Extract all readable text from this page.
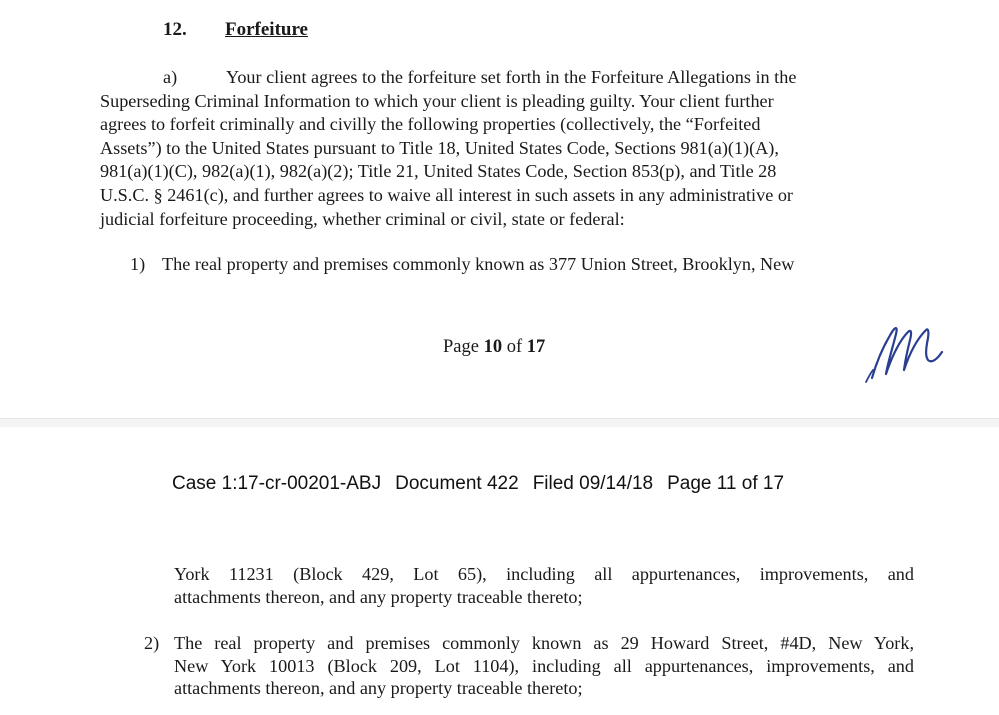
12. Forfeiture
a)	Your client agrees to the forfeiture set forth in the Forfeiture Allegations in the
Superseding Criminal Information to which your client is pleading guilty. Your client further
agrees to forfeit criminally and civilly the following properties (collectively, the “Forfeited
Assets”) to the United States pursuant to Title 18, United States Code, Sections 981(a)(1)(A),
981(a)(1)(C), 982(a)(1), 982(a)(2); Title 21, United States Code, Section 853(p), and Title 28
U.S.C. § 2461(c), and further agrees to waive all interest in such assets in any administrative or
judicial forfeiture proceeding, whether criminal or civil, state or federal:
1) The real property and premises commonly known as 377 Union Street, Brooklyn, New
Page 10 of 17
Case 1:17-cr-00201-ABJ Document 422 Filed 09/14/18 Page 11 of 17
York 11231 (Block 429, Lot 65), including all appurtenances, improvements, and
attachments thereon, and any property traceable thereto;
2) The real property and premises commonly known as 29 Howard Street, #4D, New York,
New York 10013 (Block 209, Lot 1104), including all appurtenances, improvements, and
attachments thereon, and any property traceable thereto;
